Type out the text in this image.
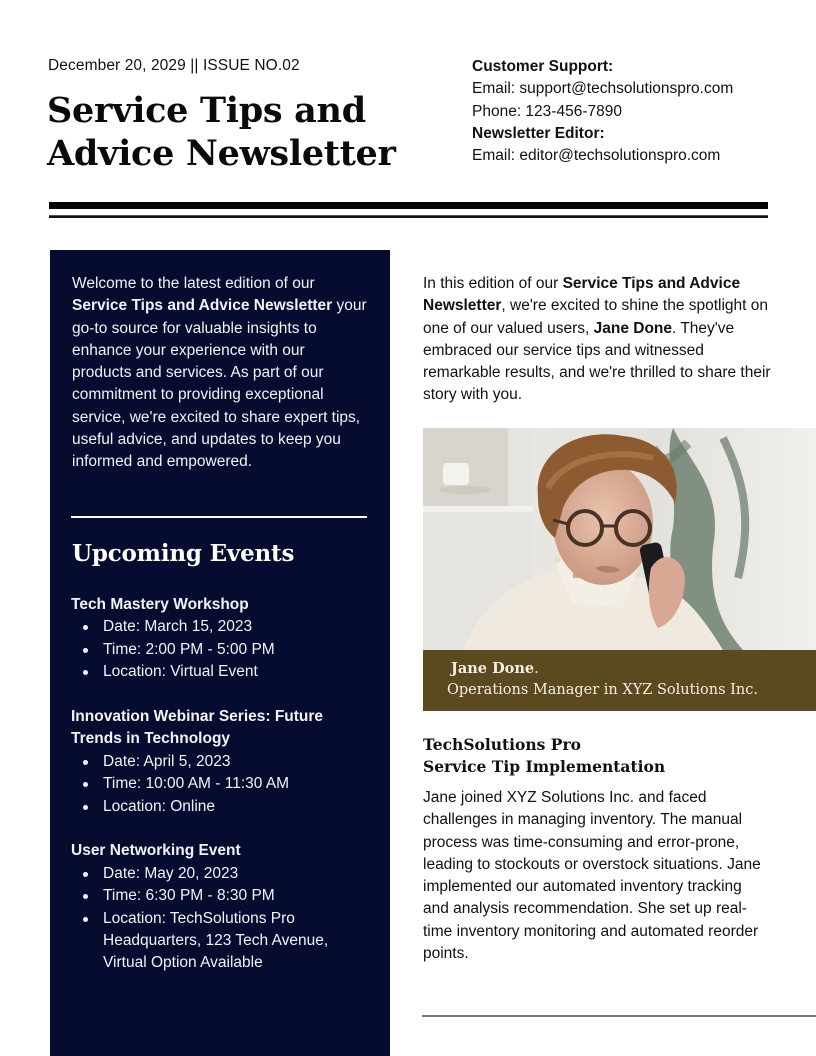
December 20, 2029 || ISSUE NO.02
Service Tips and
Advice Newsletter
Customer Support:
Email: support@techsolutionspro.com
Phone: 123-456-7890
Newsletter Editor:
Email: editor@techsolutionspro.com

Welcome to the latest edition of our Service Tips and Advice Newsletter your go-to source for valuable insights to enhance your experience with our products and services. As part of our commitment to providing exceptional service, we're excited to share expert tips, useful advice, and updates to keep you informed and empowered.

Upcoming Events
Tech Mastery Workshop
Date: March 15, 2023
Time: 2:00 PM - 5:00 PM
Location: Virtual Event
Innovation Webinar Series: Future Trends in Technology
Date: April 5, 2023
Time: 10:00 AM - 11:30 AM
Location: Online
User Networking Event
Date: May 20, 2023
Time: 6:30 PM - 8:30 PM
Location: TechSolutions Pro Headquarters, 123 Tech Avenue, Virtual Option Available

In this edition of our Service Tips and Advice Newsletter, we're excited to shine the spotlight on one of our valued users, Jane Done. They've embraced our service tips and witnessed remarkable results, and we're thrilled to share their story with you.

Jane Done.
Operations Manager in XYZ Solutions Inc.
TechSolutions Pro
Service Tip Implementation

Jane joined XYZ Solutions Inc. and faced challenges in managing inventory. The manual process was time-consuming and error-prone, leading to stockouts or overstock situations. Jane implemented our automated inventory tracking and analysis recommendation. She set up real-time inventory monitoring and automated reorder points.
